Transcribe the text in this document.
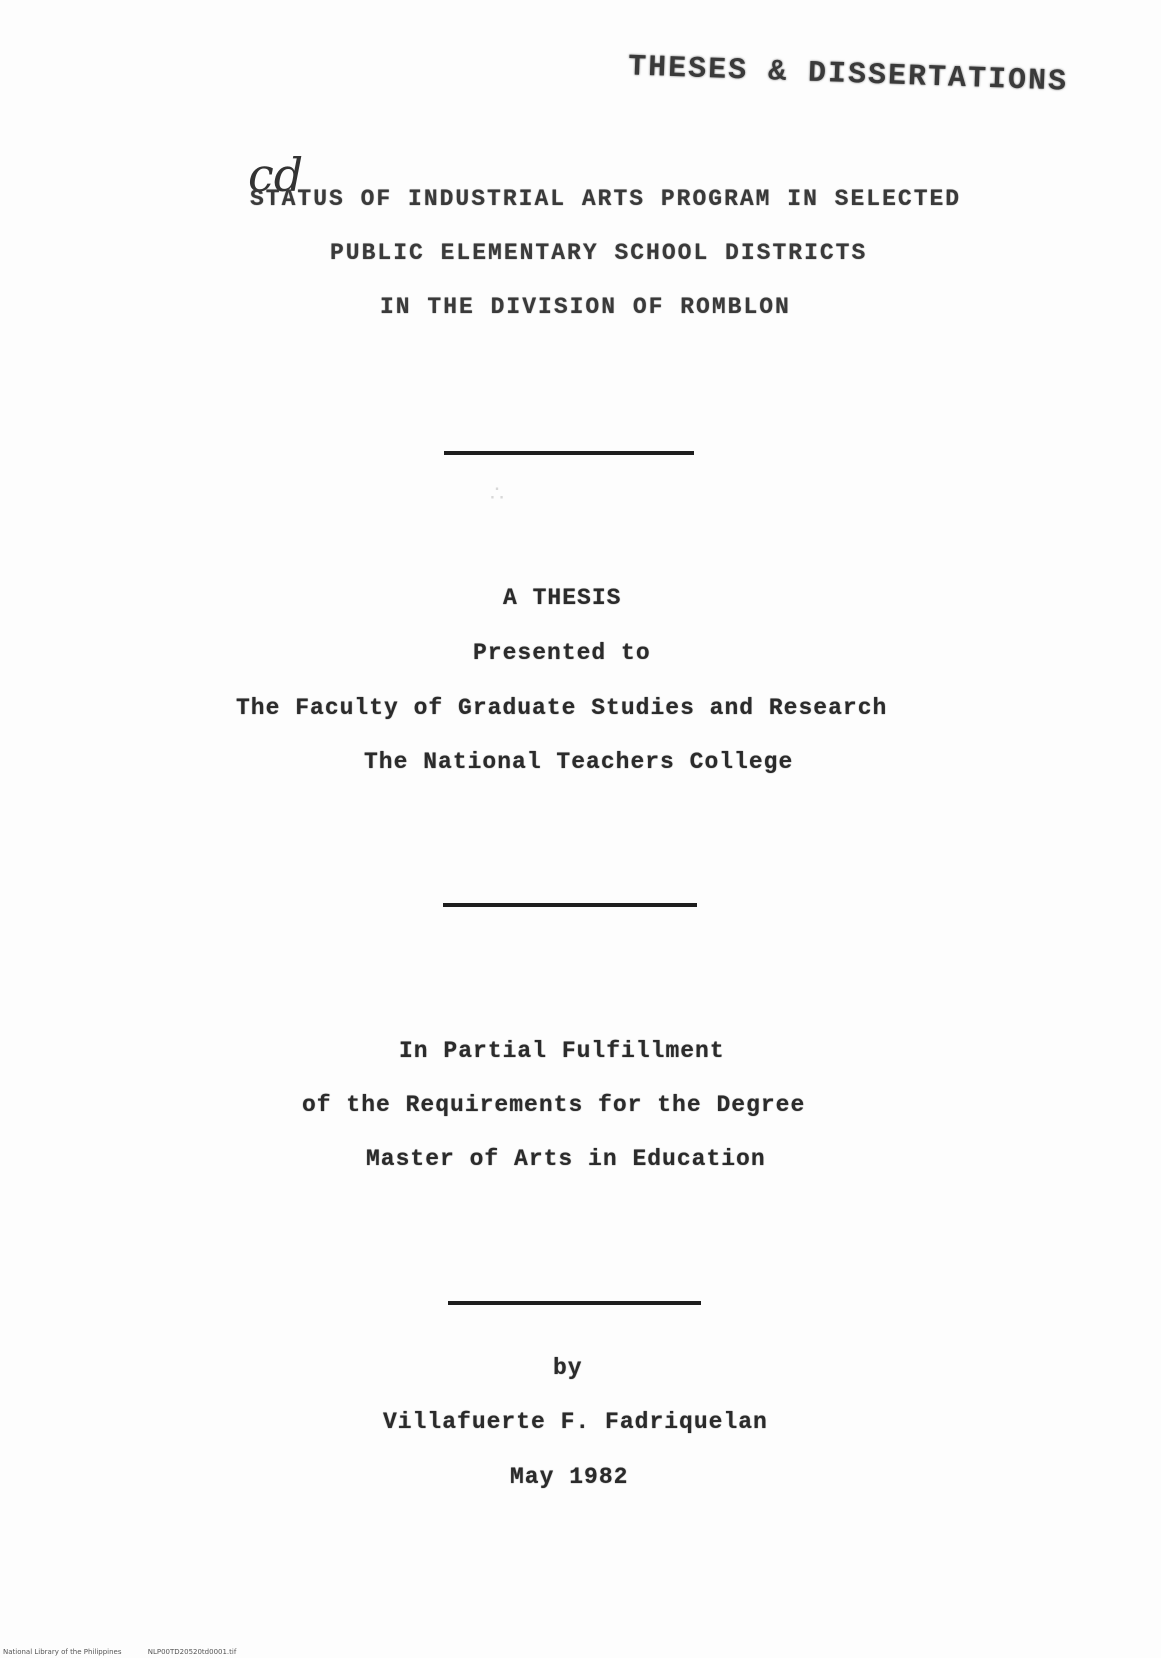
THESES & DISSERTATIONS
cd
STATUS OF INDUSTRIAL ARTS PROGRAM IN SELECTED
PUBLIC ELEMENTARY SCHOOL DISTRICTS
IN THE DIVISION OF ROMBLON
∴
A THESIS
Presented to
The Faculty of Graduate Studies and Research
The National Teachers College
In Partial Fulfillment
of the Requirements for the Degree
Master of Arts in Education
by
Villafuerte F. Fadriquelan
May 1982
National Library of the Philippines	NLP00TD20520td0001.tif
